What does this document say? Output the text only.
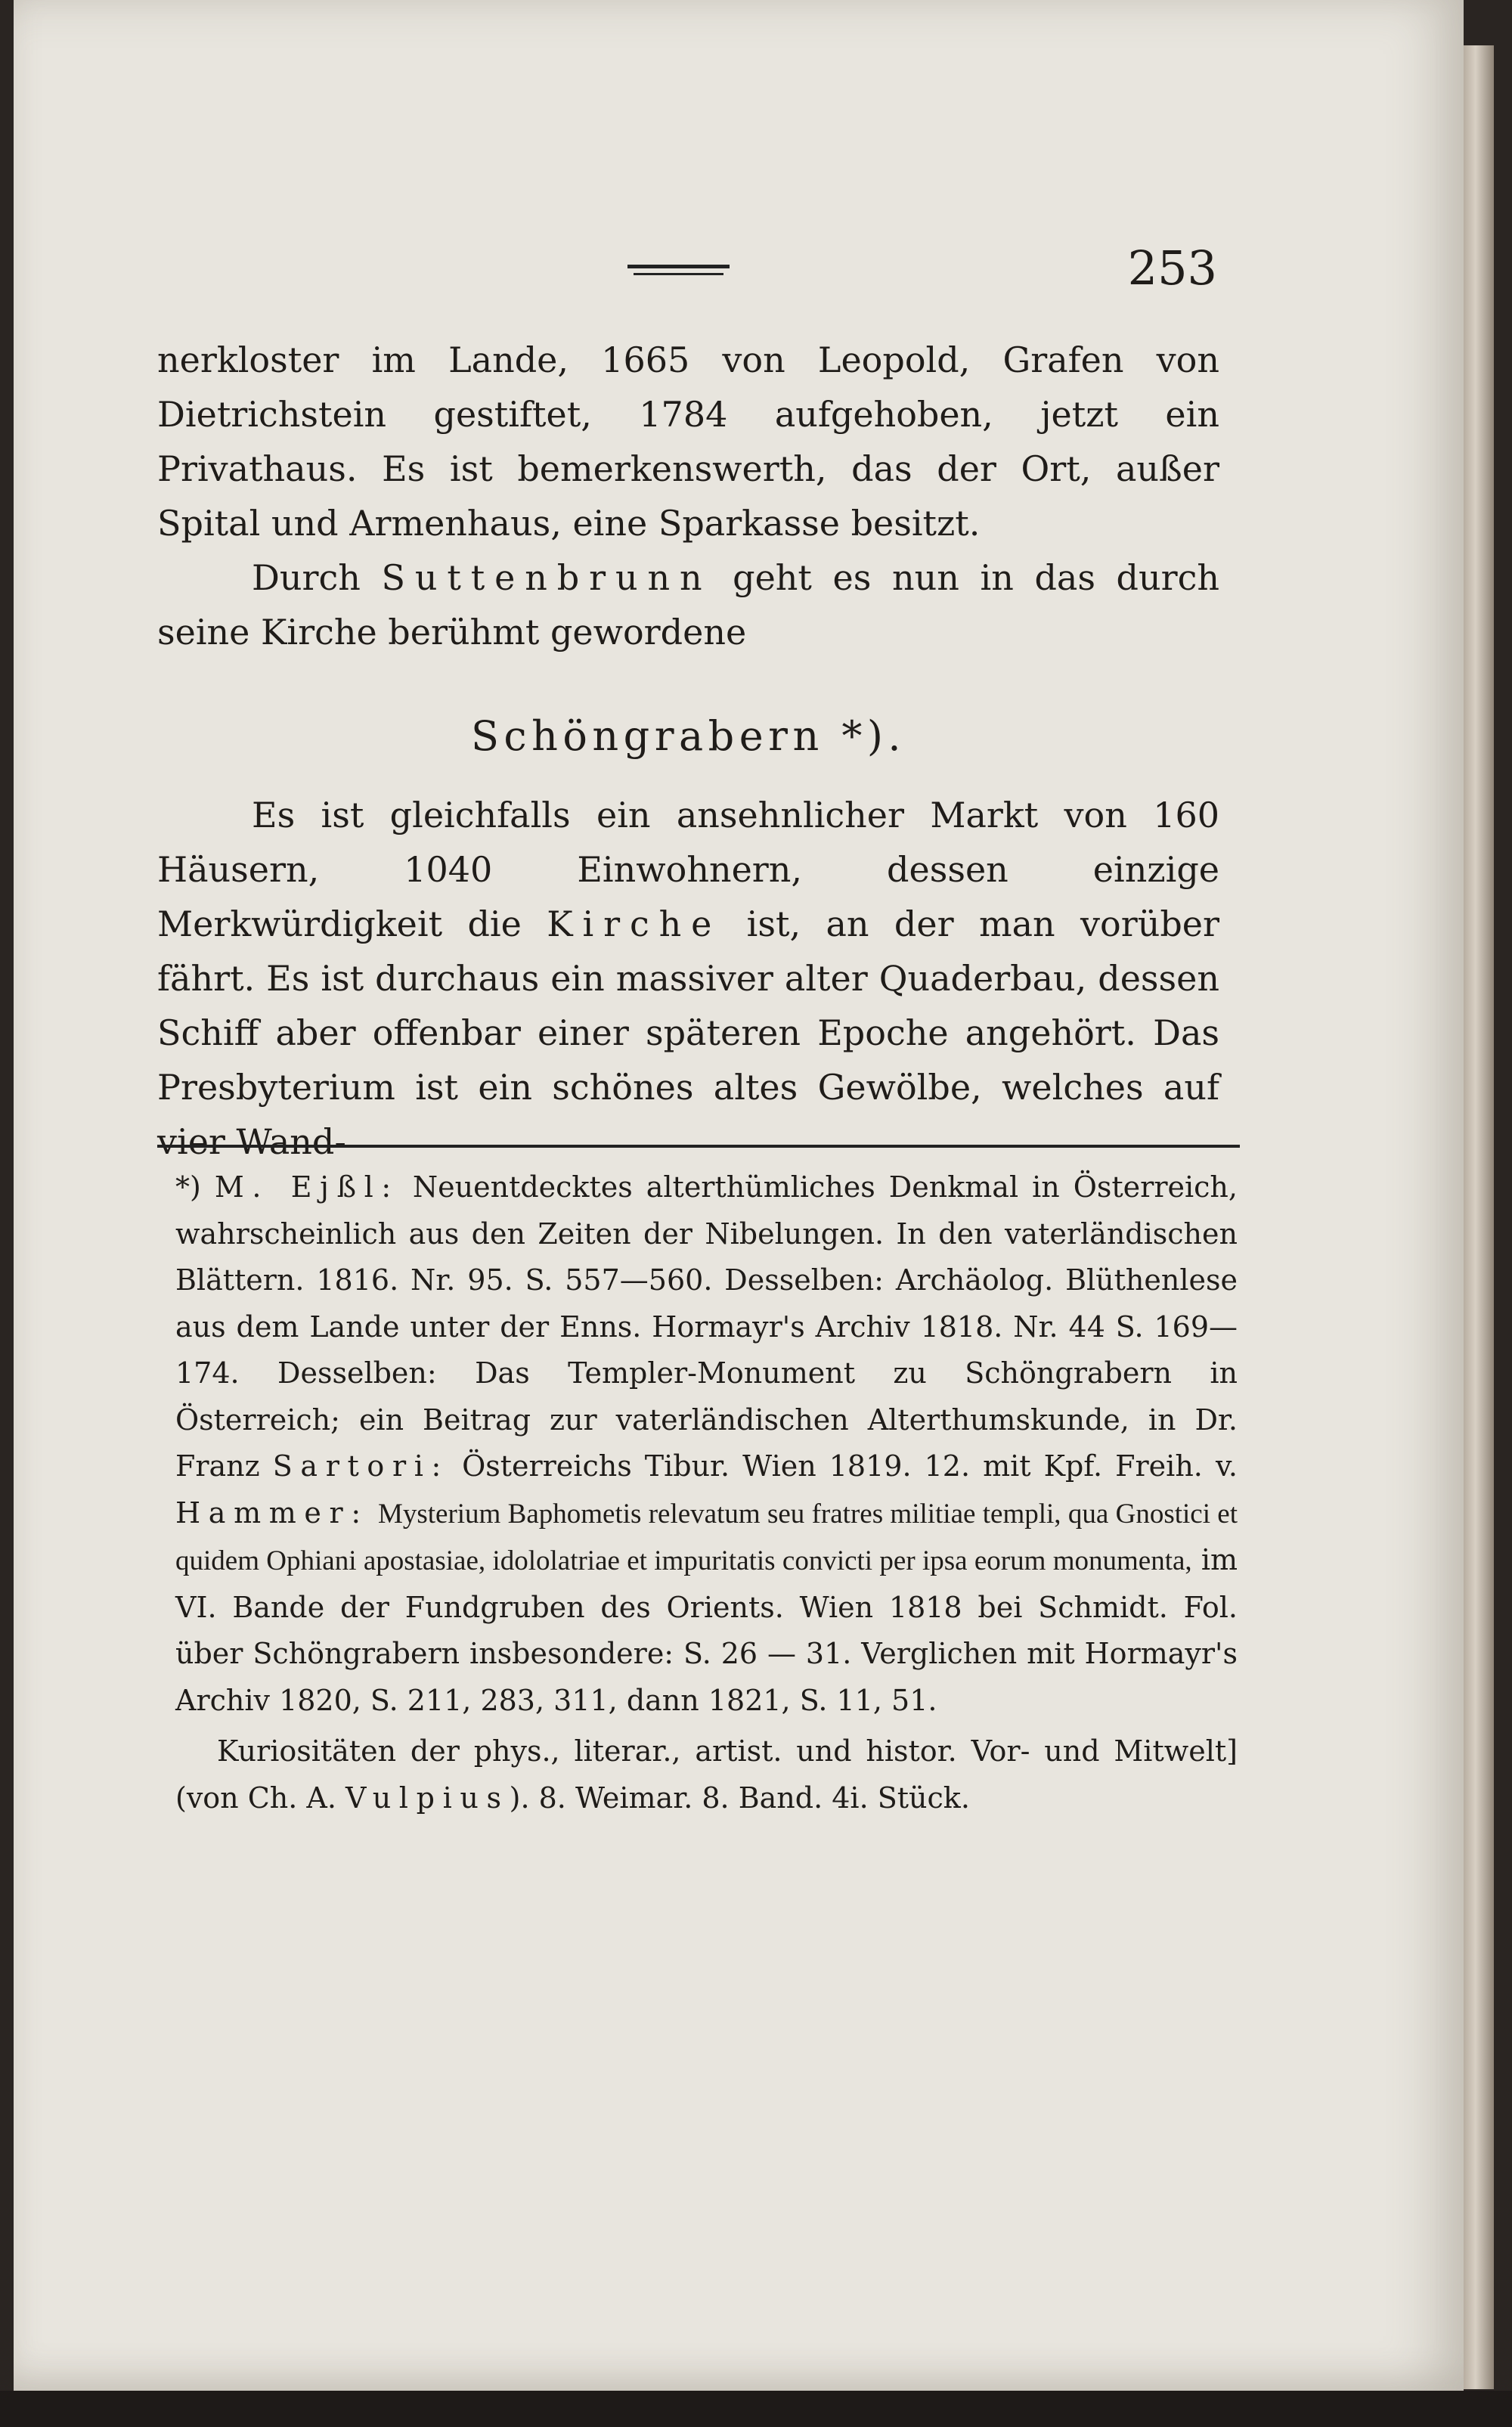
253

nerkloster im Lande, 1665 von Leopold, Grafen von Dietrichstein gestiftet, 1784 aufgehoben, jetzt ein Privathaus. Es ist bemerkenswerth, das der Ort, außer Spital und Armenhaus, eine Sparkasse besitzt.

Durch Suttenbrunn geht es nun in das durch seine Kirche berühmt gewordene

Schöngrabern *).

Es ist gleichfalls ein ansehnlicher Markt von 160 Häusern, 1040 Einwohnern, dessen einzige Merkwürdigkeit die Kirche ist, an der man vorüber fährt. Es ist durchaus ein massiver alter Quaderbau, dessen Schiff aber offenbar einer späteren Epoche angehört. Das Presbyterium ist ein schönes altes Gewölbe, welches auf vier Wand-

*) M. Ejßl: Neuentdecktes alterthümliches Denkmal in Österreich, wahrscheinlich aus den Zeiten der Nibelungen. In den vaterländischen Blättern. 1816. Nr. 95. S. 557—560. Desselben: Archäolog. Blüthenlese aus dem Lande unter der Enns. Hormayr's Archiv 1818. Nr. 44 S. 169—174. Desselben: Das Templer-Monument zu Schöngrabern in Österreich; ein Beitrag zur vaterländischen Alterthumskunde, in Dr. Franz Sartori: Österreichs Tibur. Wien 1819. 12. mit Kpf. Freih. v. Hammer: Mysterium Baphometis relevatum seu fratres militiae templi, qua Gnostici et quidem Ophiani apostasiae, idololatriae et impuritatis convicti per ipsa eorum monumenta, im VI. Bande der Fundgruben des Orients. Wien 1818 bei Schmidt. Fol. über Schöngrabern insbesondere: S. 26 — 31. Verglichen mit Hormayr's Archiv 1820, S. 211, 283, 311, dann 1821, S. 11, 51.

Kuriositäten der phys., literar., artist. und histor. Vor- und Mitwelt] (von Ch. A. Vulpius). 8. Weimar. 8. Band. 4i. Stück.
